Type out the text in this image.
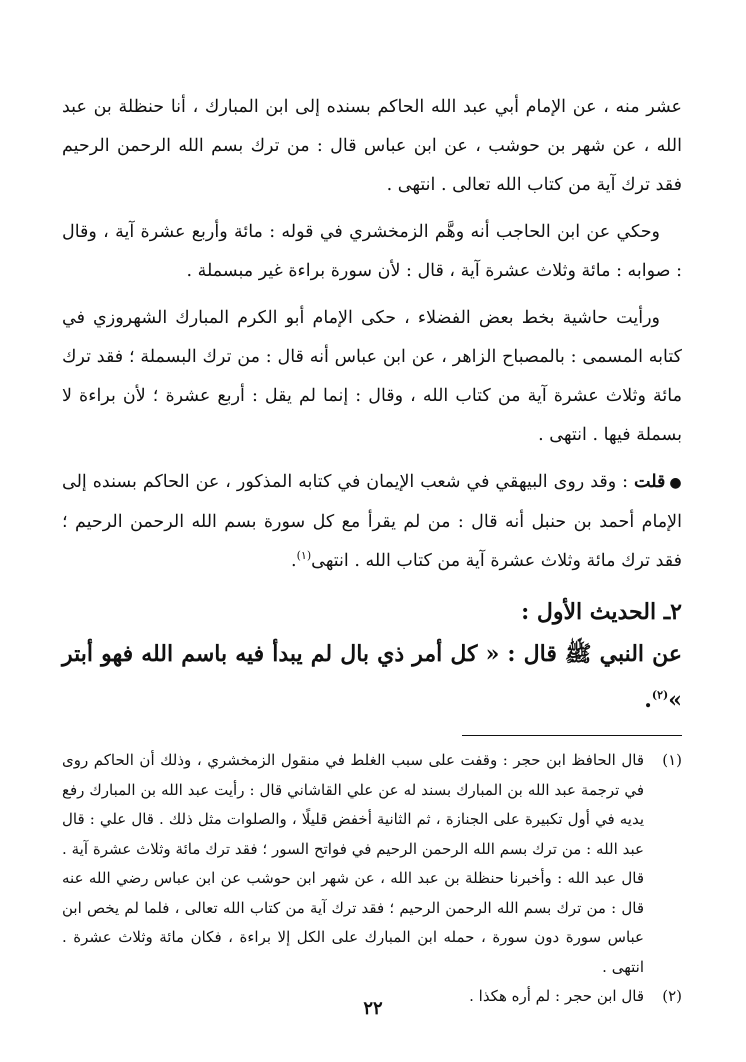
عشر منه ، عن الإمام أبي عبد الله الحاكم بسنده إلى ابن المبارك ، أنا حنظلة بن عبد الله ، عن شهر بن حوشب ، عن ابن عباس قال : من ترك بسم الله الرحمن الرحيم فقد ترك آية من كتاب الله تعالى . انتهى .

وحكي عن ابن الحاجب أنه وهَّم الزمخشري في قوله : مائة وأربع عشرة آية ، وقال : صوابه : مائة وثلاث عشرة آية ، قال : لأن سورة براءة غير مبسملة .

ورأيت حاشية بخط بعض الفضلاء ، حكى الإمام أبو الكرم المبارك الشهروزي في كتابه المسمى : بالمصباح الزاهر ، عن ابن عباس أنه قال : من ترك البسملة ؛ فقد ترك مائة وثلاث عشرة آية من كتاب الله ، وقال : إنما لم يقل : أربع عشرة ؛ لأن براءة لا بسملة فيها . انتهى .

●قلت : وقد روى البيهقي في شعب الإيمان في كتابه المذكور ، عن الحاكم بسنده إلى الإمام أحمد بن حنبل أنه قال : من لم يقرأ مع كل سورة بسم الله الرحمن الرحيم ؛ فقد ترك مائة وثلاث عشرة آية من كتاب الله . انتهى$^{(١)}$.

٢ـ الحديث الأول :

عن النبي ﷺ قال : « كل أمر ذي بال لم يبدأ فيه باسم الله فهو أبتر »$^{(٢)}$.

(١)
قال الحافظ ابن حجر : وقفت على سبب الغلط في منقول الزمخشري ، وذلك أن الحاكم روى في ترجمة عبد الله بن المبارك بسند له عن علي القاشاني قال : رأيت عبد الله بن المبارك رفع يديه في أول تكبيرة على الجنازة ، ثم الثانية أخفض قليلًا ، والصلوات مثل ذلك . قال علي : قال عبد الله : من ترك بسم الله الرحمن الرحيم في فواتح السور ؛ فقد ترك مائة وثلاث عشرة آية . قال عبد الله : وأخبرنا حنظلة بن عبد الله ، عن شهر ابن حوشب عن ابن عباس رضي الله عنه قال : من ترك بسم الله الرحمن الرحيم ؛ فقد ترك آية من كتاب الله تعالى ، فلما لم يخص ابن عباس سورة دون سورة ، حمله ابن المبارك على الكل إلا براءة ، فكان مائة وثلاث عشرة . انتهى .
(٢)
قال ابن حجر : لم أره هكذا .
٢٢
